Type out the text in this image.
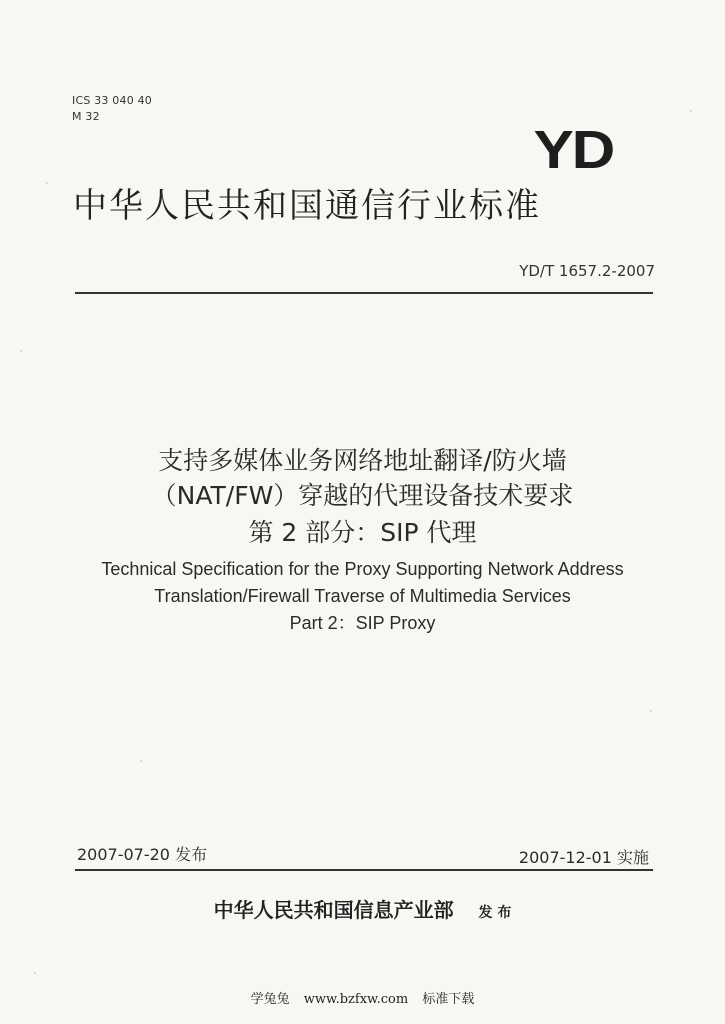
ICS 33 040 40
M 32
YD
中华人民共和国通信行业标准
YD/T 1657.2-2007
支持多媒体业务网络地址翻译/防火墙
（NAT/FW）穿越的代理设备技术要求
第 2 部分：SIP 代理
Technical Specification for the Proxy Supporting Network Address
Translation/Firewall Traverse of Multimedia Services
Part 2：SIP Proxy
2007-07-20 发布	2007-12-01 实施
中华人民共和国信息产业部 发 布
学兔兔 www.bzfxw.com 标准下载
